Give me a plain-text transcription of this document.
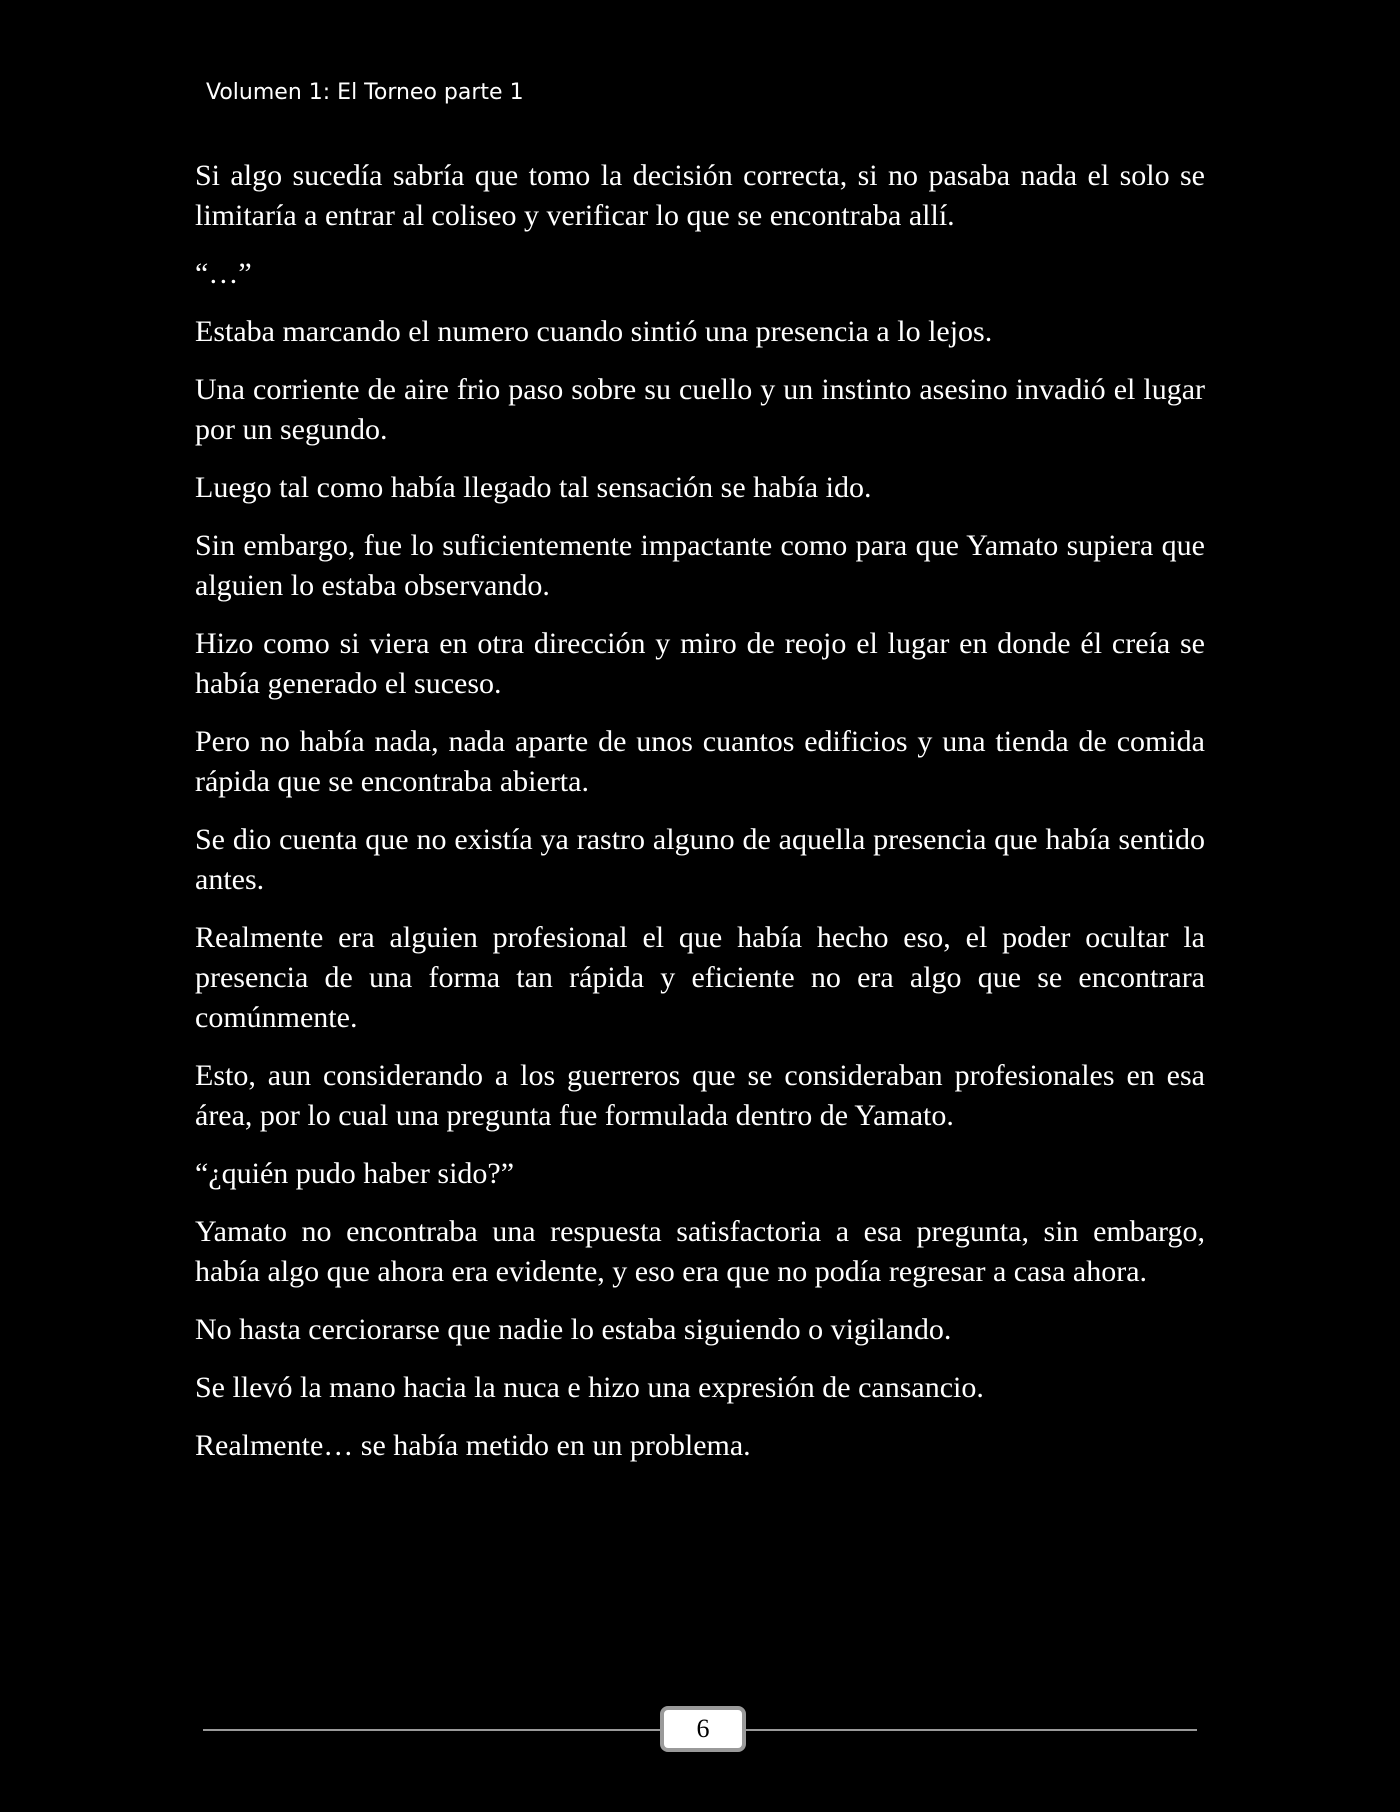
Volumen 1: El Torneo parte 1

Si algo sucedía sabría que tomo la decisión correcta, si no pasaba nada el solo se limitaría a entrar al coliseo y verificar lo que se encontraba allí.

“…”

Estaba marcando el numero cuando sintió una presencia a lo lejos.

Una corriente de aire frio paso sobre su cuello y un instinto asesino invadió el lugar por un segundo.

Luego tal como había llegado tal sensación se había ido.

Sin embargo, fue lo suficientemente impactante como para que Yamato supiera que alguien lo estaba observando.

Hizo como si viera en otra dirección y miro de reojo el lugar en donde él creía se había generado el suceso.

Pero no había nada, nada aparte de unos cuantos edificios y una tienda de comida rápida que se encontraba abierta.

Se dio cuenta que no existía ya rastro alguno de aquella presencia que había sentido antes.

Realmente era alguien profesional el que había hecho eso, el poder ocultar la presencia de una forma tan rápida y eficiente no era algo que se encontrara comúnmente.

Esto, aun considerando a los guerreros que se consideraban profesionales en esa área, por lo cual una pregunta fue formulada dentro de Yamato.

“¿quién pudo haber sido?”

Yamato no encontraba una respuesta satisfactoria a esa pregunta, sin embargo, había algo que ahora era evidente, y eso era que no podía regresar a casa ahora.

No hasta cerciorarse que nadie lo estaba siguiendo o vigilando.

Se llevó la mano hacia la nuca e hizo una expresión de cansancio.

Realmente… se había metido en un problema.

6
